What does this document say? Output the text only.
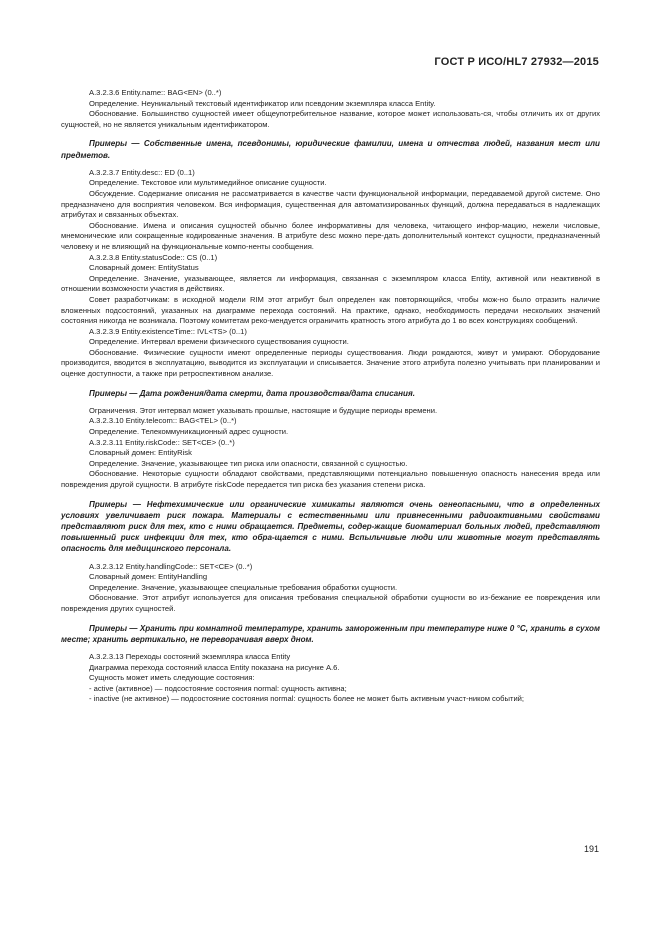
ГОСТ Р ИСО/HL7 27932—2015

A.3.2.3.6 Entity.name:: BAG<EN> (0..*)

Определение. Неуникальный текстовый идентификатор или псевдоним экземпляра класса Entity.

Обоснование. Большинство сущностей имеет общеупотребительное название, которое может использовать-ся, чтобы отличить их от других сущностей, но не является уникальным идентификатором.

Примеры — Собственные имена, псевдонимы, юридические фамилии, имена и отчества людей, названия мест или предметов.

A.3.2.3.7 Entity.desc:: ED (0..1)

Определение. Текстовое или мультимедийное описание сущности.

Обсуждение. Содержание описания не рассматривается в качестве части функциональной информации, передаваемой другой системе. Оно предназначено для восприятия человеком. Вся информация, существенная для автоматизированных функций, должна передаваться в надлежащих атрибутах и связанных объектах.

Обоснование. Имена и описания сущностей обычно более информативны для человека, читающего инфор-мацию, нежели числовые, мнемонические или сокращенные кодированные значения. В атрибуте desc можно пере-дать дополнительный контекст сущности, предназначенный человеку и не влияющий на функциональные компо-ненты сообщения.

A.3.2.3.8 Entity.statusCode:: CS (0..1)

Словарный домен: EntityStatus

Определение. Значение, указывающее, является ли информация, связанная с экземпляром класса Entity, активной или неактивной в отношении возможности участия в действиях.

Совет разработчикам: в исходной модели RIM этот атрибут был определен как повторяющийся, чтобы мож-но было отразить наличие вложенных подсостояний, указанных на диаграмме перехода состояний. На практике, однако, необходимость передачи нескольких значений состояния никогда не возникала. Поэтому комитетам реко-мендуется ограничить кратность этого атрибута до 1 во всех конструкциях сообщений.

A.3.2.3.9 Entity.existenceTime:: IVL<TS> (0..1)

Определение. Интервал времени физического существования сущности.

Обоснование. Физические сущности имеют определенные периоды существования. Люди рождаются, живут и умирают. Оборудование производится, вводится в эксплуатацию, выводится из эксплуатации и списывается. Значение этого атрибута полезно учитывать при планировании и оценке доступности, а также при ретроспективном анализе.

Примеры — Дата рождения/дата смерти, дата производства/дата списания.

Ограничения. Этот интервал может указывать прошлые, настоящие и будущие периоды времени.

A.3.2.3.10 Entity.telecom:: BAG<TEL> (0..*)

Определение. Телекоммуникационный адрес сущности.

A.3.2.3.11 Entity.riskCode:: SET<CE> (0..*)

Словарный домен: EntityRisk

Определение. Значение, указывающее тип риска или опасности, связанной с сущностью.

Обоснование. Некоторые сущности обладают свойствами, представляющими потенциально повышенную опасность нанесения вреда или повреждения другой сущности. В атрибуте riskCode передается тип риска без указания степени риска.

Примеры — Нефтехимические или органические химикаты являются очень огнеопасными, что в определенных условиях увеличивает риск пожара. Материалы с естественными или привнесенными радиоактивными свойствами представляют риск для тех, кто с ними обращается. Предметы, содер-жащие биоматериал больных людей, представляют повышенный риск инфекции для тех, кто обра-щается с ними. Вспыльчивые люди или животные могут представлять опасность для медицинского персонала.

A.3.2.3.12 Entity.handlingCode:: SET<CE> (0..*)

Словарный домен: EntityHandling

Определение. Значение, указывающее специальные требования обработки сущности.

Обоснование. Этот атрибут используется для описания требования специальной обработки сущности во из-бежание ее повреждения или повреждения других сущностей.

Примеры — Хранить при комнатной температуре, хранить замороженным при температуре ниже 0 °C, хранить в сухом месте; хранить вертикально, не переворачивая вверх дном.

A.3.2.3.13 Переходы состояний экземпляра класса Entity

Диаграмма перехода состояний класса Entity показана на рисунке А.6.

Сущность может иметь следующие состояния:

- active (активное) — подсостояние состояния normal: сущность активна;

- inactive (не активное) — подсостояние состояния normal: сущность более не может быть активным участ-ником событий;

191
